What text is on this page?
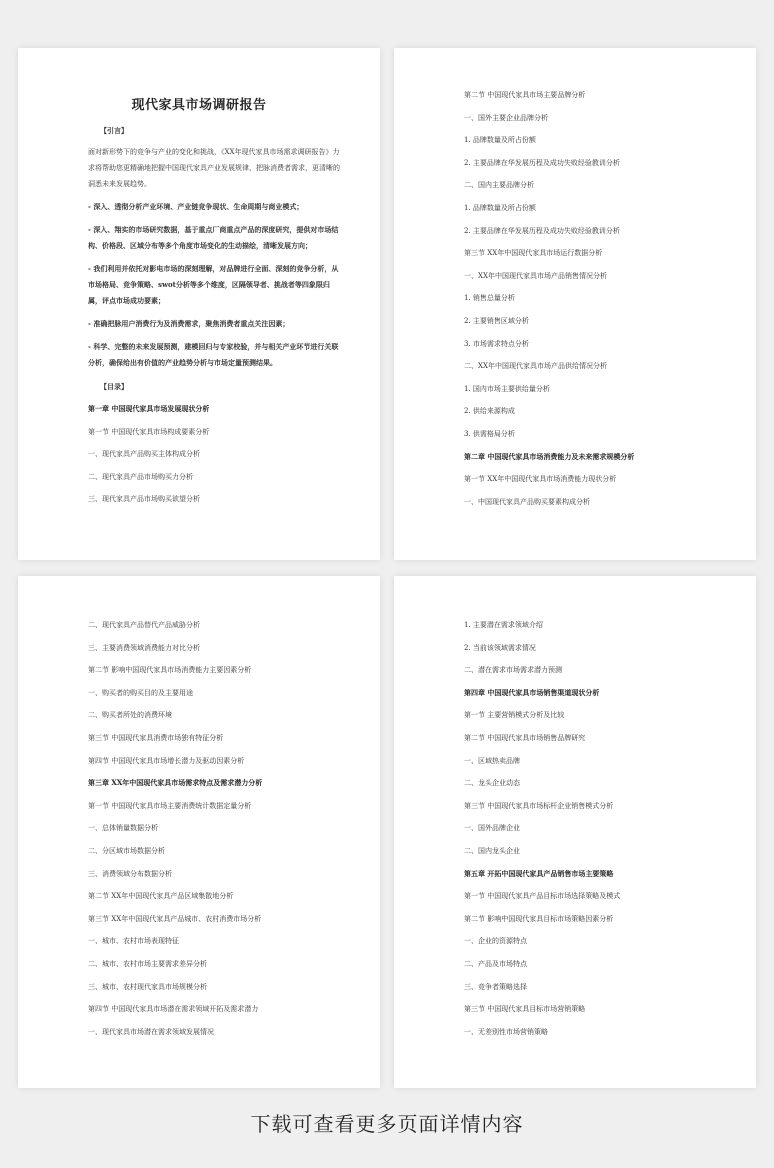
现代家具市场调研报告
【引言】

面对新形势下的竞争与产业的变化和挑战，《XX年现代家具市场需求调研报告》力求将帮助您更精确地把握中国现代家具产业发展规律，把脉消费者需求，更清晰的洞悉未来发展趋势。

- 深入、透彻分析产业环境、产业链竞争现状、生命周期与商业模式；

- 深入、翔实的市场研究数据，基于重点厂商重点产品的深度研究，提供对市场结构、价格段、区域分布等多个角度市场变化的生动描绘，清晰发展方向；

- 我们利用并依托对影电市场的深刻理解，对品牌进行全面、深刻的竞争分析，从市场格局、竞争策略、swot分析等多个维度，区隔领导者、挑战者等四象限归属，评点市场成功要素；

- 准确把脉用户消费行为及消费需求，聚焦消费者重点关注因素；

- 科学、完整的未来发展预测，建模回归与专家校验，并与相关产业环节进行关联分析，确保给出有价值的产业趋势分析与市场定量预测结果。

【目录】
第一章 中国现代家具市场发展现状分析
第一节 中国现代家具市场构成要素分析
一、现代家具产品购买主体构成分析
二、现代家具产品市场购买力分析
三、现代家具产品市场购买欲望分析
第二节 中国现代家具市场主要品牌分析
一、国外主要企业品牌分析
1. 品牌数量及所占份额
2. 主要品牌在华发展历程及成功失败经验教训分析
二、国内主要品牌分析
1. 品牌数量及所占份额
2. 主要品牌在华发展历程及成功失败经验教训分析
第三节 XX年中国现代家具市场运行数据分析
一、XX年中国现代家具市场产品销售情况分析
1. 销售总量分析
2. 主要销售区域分析
3. 市场需求特点分析
二、XX年中国现代家具市场产品供给情况分析
1. 国内市场主要供给量分析
2. 供给来源构成
3. 供需格局分析
第二章 中国现代家具市场消费能力及未来需求规模分析
第一节 XX年中国现代家具市场消费能力现状分析
一、中国现代家具产品购买要素构成分析
二、现代家具产品替代产品威胁分析
三、主要消费领域消费能力对比分析
第二节 影响中国现代家具市场消费能力主要因素分析
一、购买者的购买目的及主要用途
二、购买者所处的消费环境
第三节 中国现代家具消费市场独有特征分析
第四节 中国现代家具市场增长潜力及驱动因素分析
第三章 XX年中国现代家具市场需求特点及需求潜力分析
第一节 中国现代家具市场主要消费统计数据定量分析
一、总体销量数据分析
二、分区域市场数据分析
三、消费领域分布数据分析
第二节 XX年中国现代家具产品区域集散地分析
第三节 XX年中国现代家具产品城市、农村消费市场分析
一、城市、农村市场表现特征
二、城市、农村市场主要需求差异分析
三、城市、农村现代家具市场规模分析
第四节 中国现代家具市场潜在需求领域开拓及需求潜力
一、现代家具市场潜在需求领域发展情况
1. 主要潜在需求领域介绍
2. 当前该领域需求情况
二、潜在需求市场需求潜力预测
第四章 中国现代家具市场销售渠道现状分析
第一节 主要营销模式分析及比较
第二节 中国现代家具市场销售品牌研究
一、区域热卖品牌
二、龙头企业动态
第三节 中国现代家具市场标杆企业销售模式分析
一、国外品牌企业
二、国内龙头企业
第五章 开拓中国现代家具产品销售市场主要策略
第一节 中国现代家具产品目标市场选择策略及模式
第二节 影响中国现代家具目标市场策略因素分析
一、企业的资源特点
二、产品及市场特点
三、竞争者策略选择
第三节 中国现代家具目标市场营销策略
一、无差别性市场营销策略
下载可查看更多页面详情内容
